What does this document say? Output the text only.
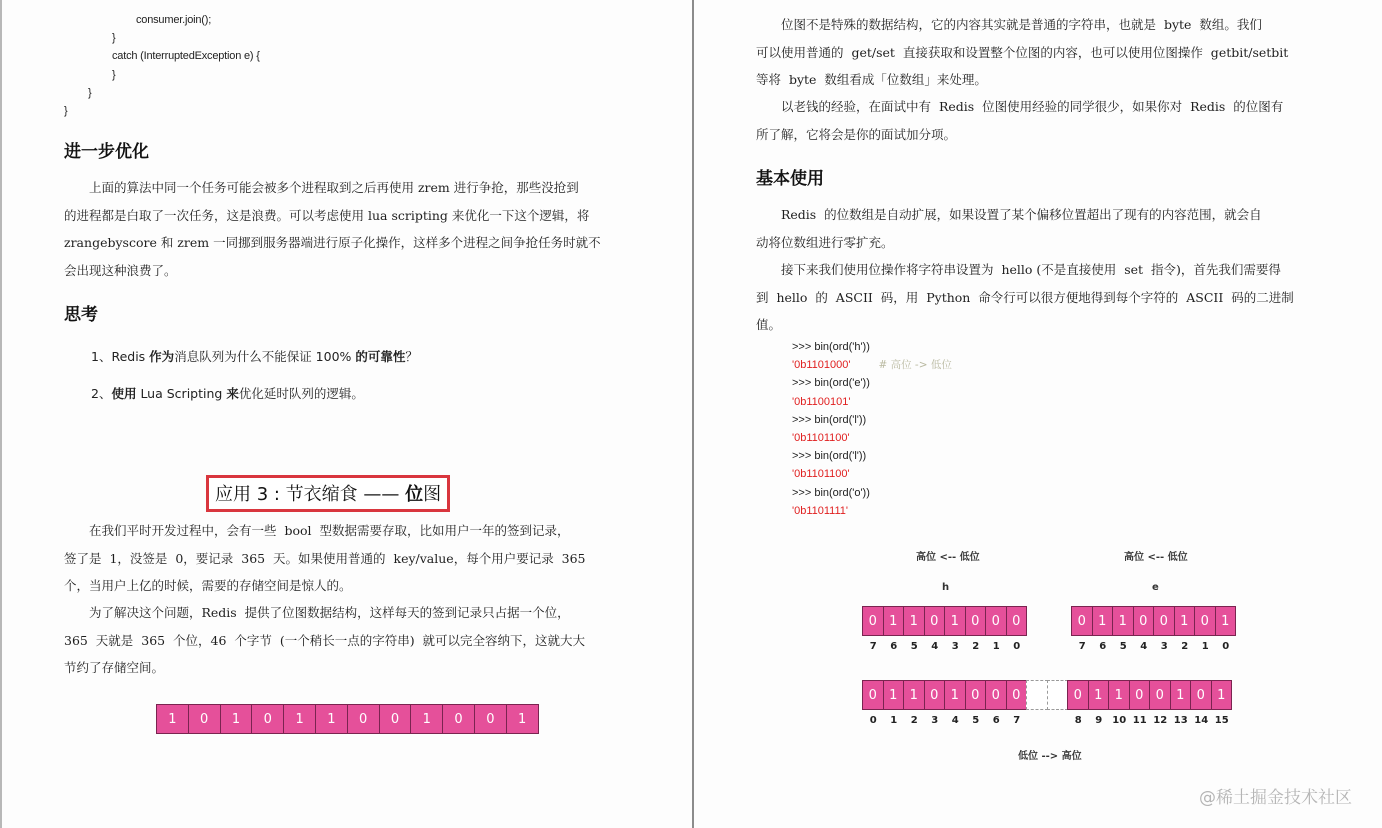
consumer.join();
}
catch (InterruptedException e) {
}
}
}
进一步优化
　　上面的算法中同一个任务可能会被多个进程取到之后再使用 zrem 进行争抢，那些没抢到
的进程都是白取了一次任务，这是浪费。可以考虑使用 lua scripting 来优化一下这个逻辑，将
zrangebyscore 和 zrem 一同挪到服务器端进行原子化操作，这样多个进程之间争抢任务时就不
会出现这种浪费了。
思考
1、Redis 作为消息队列为什么不能保证 100% 的可靠性？
2、使用 Lua Scripting 来优化延时队列的逻辑。
应用 3 : 节衣缩食 —— 位图
　　在我们平时开发过程中，会有一些  bool  型数据需要存取，比如用户一年的签到记录，
签了是  1，没签是  0，要记录  365  天。如果使用普通的  key/value，每个用户要记录  365
个，当用户上亿的时候，需要的存储空间是惊人的。
　　为了解决这个问题，Redis  提供了位图数据结构，这样每天的签到记录只占据一个位，
365  天就是  365  个位，46  个字节  (一个稍长一点的字符串)  就可以完全容纳下，这就大大
节约了存储空间。
1	0	1	0	1	1	0	0	1	0	0	1
　　位图不是特殊的数据结构，它的内容其实就是普通的字符串，也就是  byte  数组。我们
可以使用普通的  get/set  直接获取和设置整个位图的内容，也可以使用位图操作  getbit/setbit
等将  byte  数组看成「位数组」来处理。
　　以老钱的经验，在面试中有  Redis  位图使用经验的同学很少，如果你对  Redis  的位图有
所了解，它将会是你的面试加分项。
基本使用
　　Redis  的位数组是自动扩展，如果设置了某个偏移位置超出了现有的内容范围，就会自
动将位数组进行零扩充。
　　接下来我们使用位操作将字符串设置为  hello (不是直接使用  set  指令)，首先我们需要得
到  hello  的  ASCII  码，用  Python  命令行可以很方便地得到每个字符的  ASCII  码的二进制
值。
>>> bin(ord('h'))
'0b1101000'	# 高位 -> 低位
>>> bin(ord('e'))
'0b1100101'
>>> bin(ord('l'))
'0b1101100'
>>> bin(ord('l'))
'0b1101100'
>>> bin(ord('o'))
'0b1101111'
高位 <-- 低位	高位 <-- 低位
h	e
0 1 1 0 1 0 0 0	0 1 1 0 0 1 0 1
7	6	5	4	3	2	1	0	7	6	5	4	3	2	1	0
0 1 1 0 1 0 0 0	0 1 1 0 0 1 0 1
0	1	2	3	4	5	6	7	8	9	10 11 12 13 14 15
低位 --> 高位
@稀土掘金技术社区
